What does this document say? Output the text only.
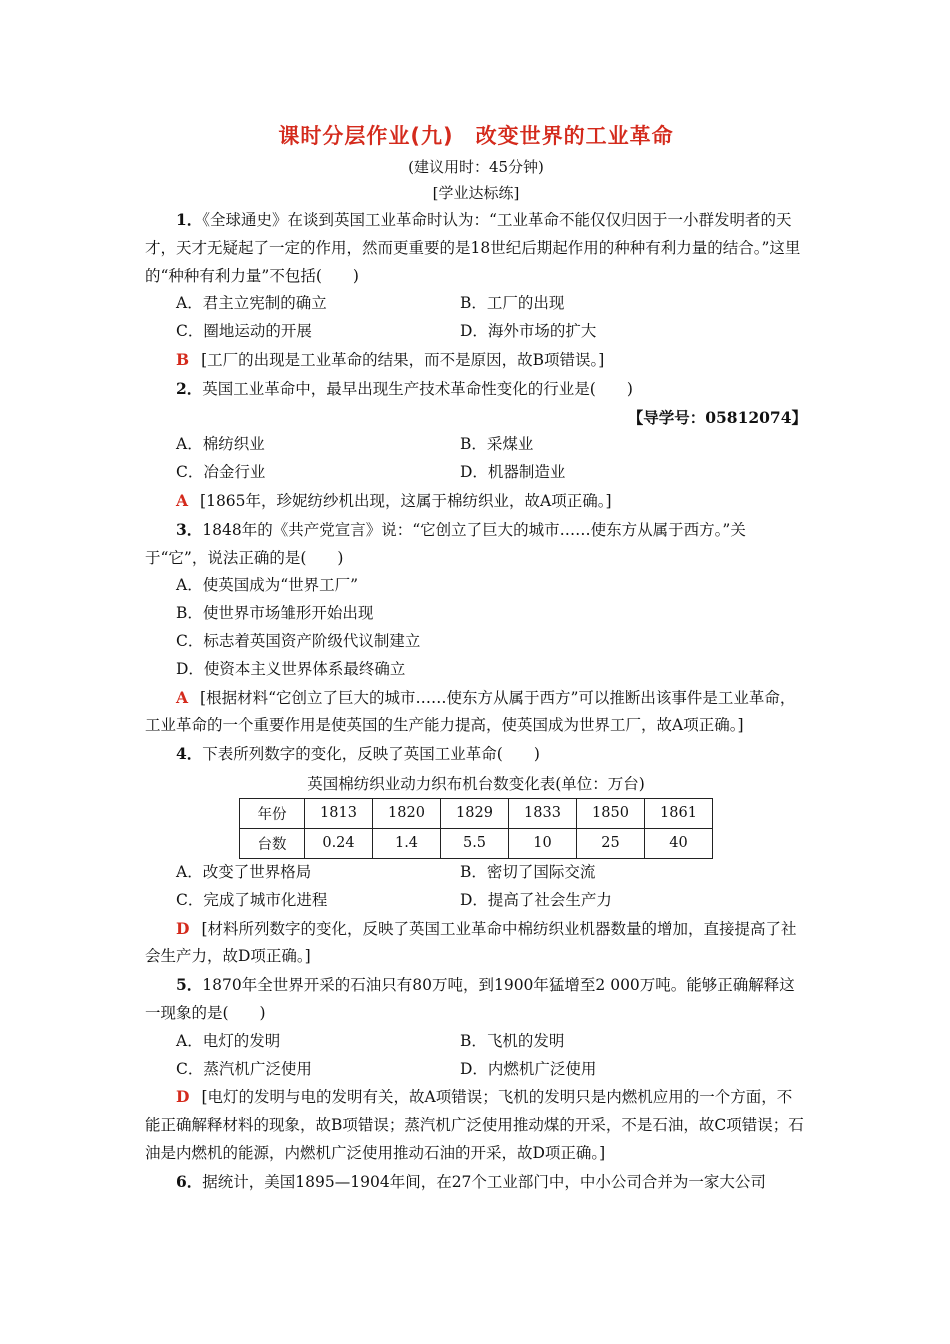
课时分层作业(九)　改变世界的工业革命
(建议用时：45分钟)
[学业达标练]
1．《全球通史》在谈到英国工业革命时认为：“工业革命不能仅仅归因于一小群发明者的天才，天才无疑起了一定的作用，然而更重要的是18世纪后期起作用的种种有利力量的结合。”这里的“种种有利力量”不包括(　　)
A．君主立宪制的确立	B．工厂的出现
C．圈地运动的开展	D．海外市场的扩大
B [工厂的出现是工业革命的结果，而不是原因，故B项错误。]
2．英国工业革命中，最早出现生产技术革命性变化的行业是(　　)
【导学号：05812074】
A．棉纺织业	B．采煤业
C．冶金行业	D．机器制造业
A [1865年，珍妮纺纱机出现，这属于棉纺织业，故A项正确。]
3．1848年的《共产党宣言》说：“它创立了巨大的城市……使东方从属于西方。”关于“它”，说法正确的是(　　)
A．使英国成为“世界工厂”
B．使世界市场雏形开始出现
C．标志着英国资产阶级代议制建立
D．使资本主义世界体系最终确立
A [根据材料“它创立了巨大的城市……使东方从属于西方”可以推断出该事件是工业革命，工业革命的一个重要作用是使英国的生产能力提高，使英国成为世界工厂，故A项正确。]
4．下表所列数字的变化，反映了英国工业革命(　　)
英国棉纺织业动力织布机台数变化表(单位：万台)
年份	1813	1820	1829	1833	1850	1861
台数	0.24	1.4	5.5	10	25	40
A．改变了世界格局	B．密切了国际交流
C．完成了城市化进程	D．提高了社会生产力
D [材料所列数字的变化，反映了英国工业革命中棉纺织业机器数量的增加，直接提高了社会生产力，故D项正确。]
5．1870年全世界开采的石油只有80万吨，到1900年猛增至2 000万吨。能够正确解释这一现象的是(　　)
A．电灯的发明	B．飞机的发明
C．蒸汽机广泛使用	D．内燃机广泛使用
D [电灯的发明与电的发明有关，故A项错误；飞机的发明只是内燃机应用的一个方面，不能正确解释材料的现象，故B项错误；蒸汽机广泛使用推动煤的开采，不是石油，故C项错误；石油是内燃机的能源，内燃机广泛使用推动石油的开采，故D项正确。]
6．据统计，美国1895—1904年间，在27个工业部门中，中小公司合并为一家大公司
